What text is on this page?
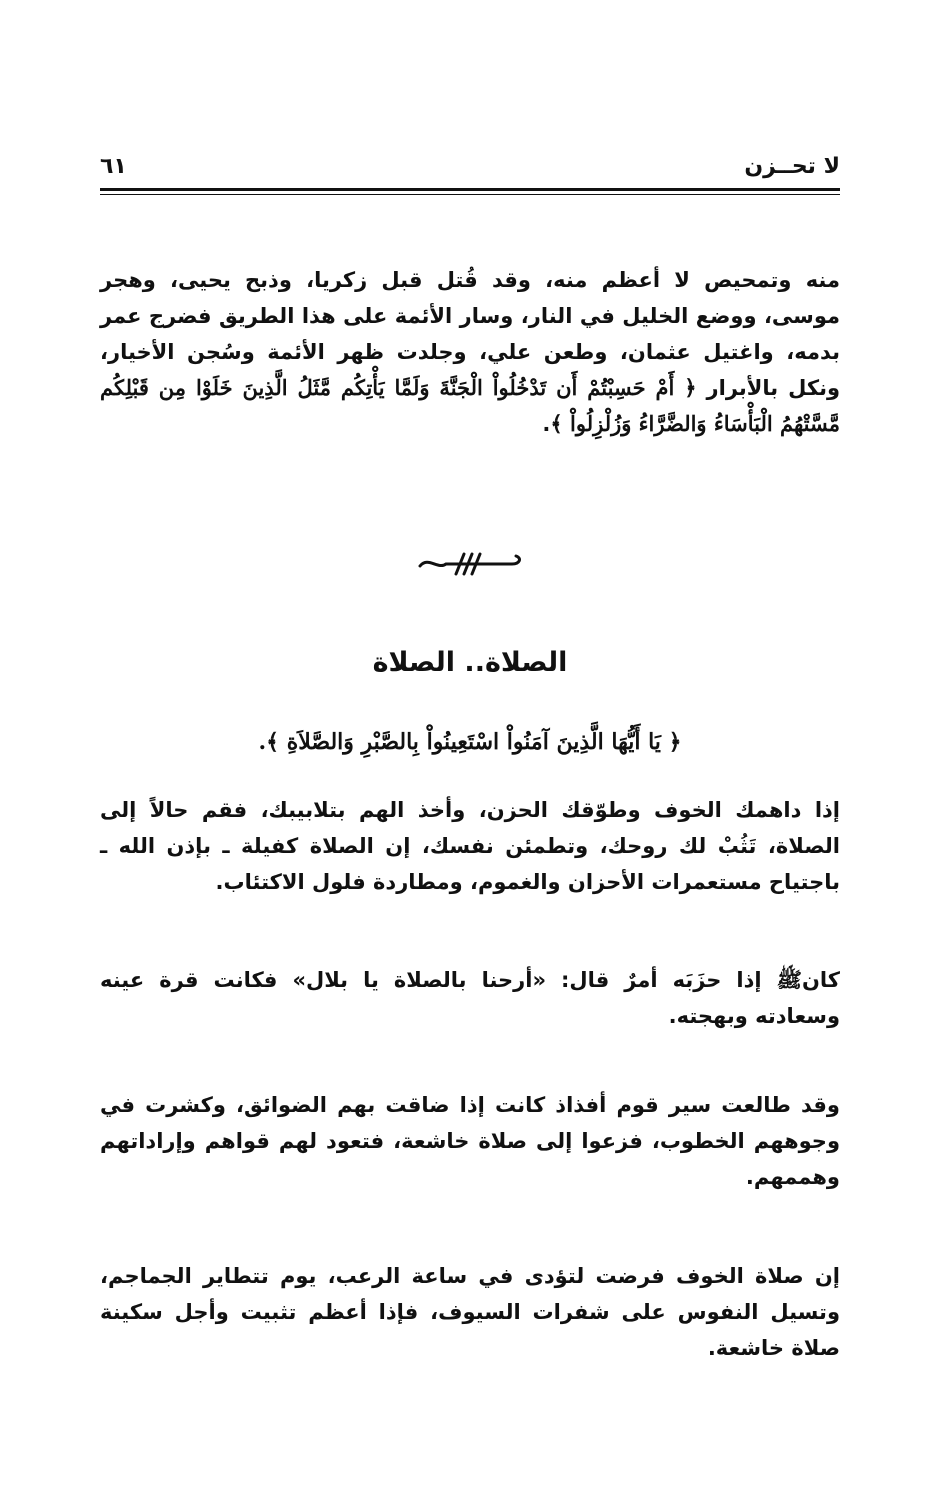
لا تحــزن
٦١

منه وتمحيص لا أعظم منه، وقد قُتل قبل زكريا، وذبح يحيى، وهجر موسى، ووضع الخليل في النار، وسار الأئمة على هذا الطريق فضرج عمر بدمه، واغتيل عثمان، وطعن علي، وجلدت ظهر الأئمة وسُجن الأخيار، ونكل بالأبرار ﴿ أَمْ حَسِبْتُمْ أَن تَدْخُلُواْ الْجَنَّةَ وَلَمَّا يَأْتِكُم مَّثَلُ الَّذِينَ خَلَوْا مِن قَبْلِكُم مَّسَّتْهُمُ الْبَأْسَاءُ وَالضَّرَّاءُ وَزُلْزِلُواْ ﴾.

الصلاة.. الصلاة

﴿ يَا أَيُّهَا الَّذِينَ آمَنُواْ اسْتَعِينُواْ بِالصَّبْرِ وَالصَّلاَةِ ﴾.

إذا داهمك الخوف وطوّقك الحزن، وأخذ الهم بتلابيبك، فقم حالاً إلى الصلاة، تَثُبْ لك روحك، وتطمئن نفسك، إن الصلاة كفيلة ـ بإذن الله ـ باجتياح مستعمرات الأحزان والغموم، ومطاردة فلول الاكتئاب.

كانﷺ إذا حزَبَه أمرٌ قال: «أرحنا بالصلاة يا بلال» فكانت قرة عينه وسعادته وبهجته.

وقد طالعت سير قوم أفذاذ كانت إذا ضاقت بهم الضوائق، وكشرت في وجوههم الخطوب، فزعوا إلى صلاة خاشعة، فتعود لهم قواهم وإراداتهم وهممهم.

إن صلاة الخوف فرضت لتؤدى في ساعة الرعب، يوم تتطاير الجماجم، وتسيل النفوس على شفرات السيوف، فإذا أعظم تثبيت وأجل سكينة صلاة خاشعة.
